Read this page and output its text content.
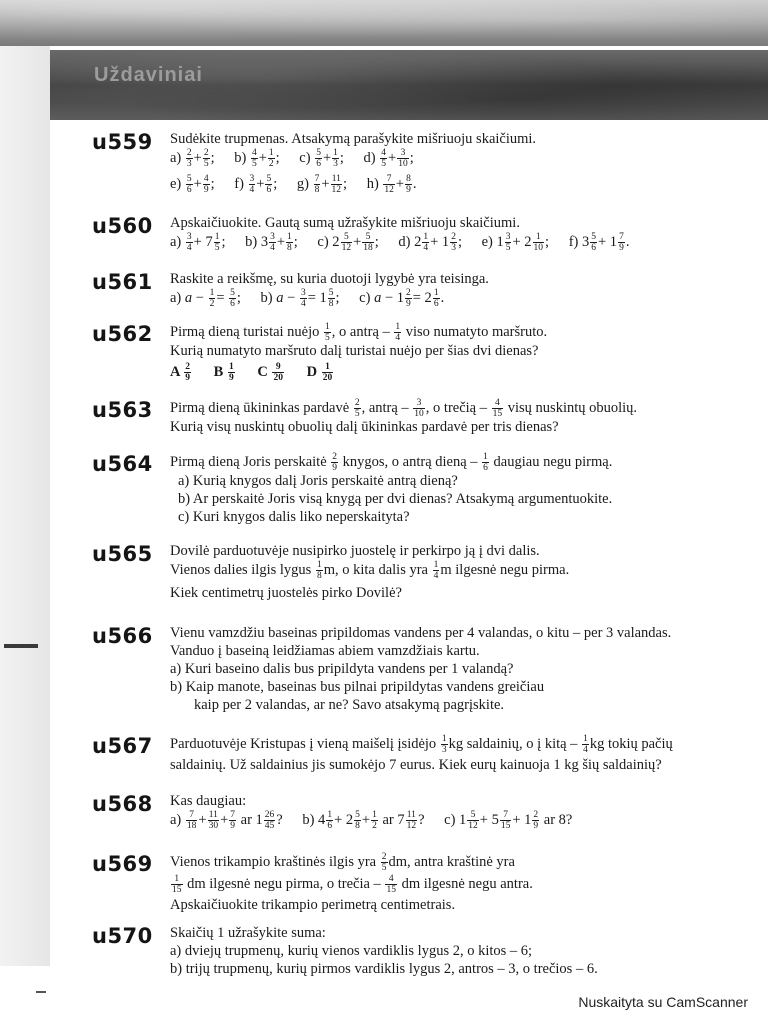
Uždaviniai
u559 Sudėkite trupmenas. Atsakymą parašykite mišriuoju skaičiumi.
$a) \frac{2}{3} + \frac{2}{5}$ ; $b) \frac{4}{5} + \frac{1}{2}$ ; $c) \frac{5}{6} + \frac{1}{3}$ ; $d) \frac{4}{5} + \frac{3}{10}$ ;
$e) \frac{5}{6} + \frac{4}{9}$ ; $f) \frac{3}{4} + \frac{5}{6}$ ; $g) \frac{7}{8} + \frac{11}{12}$ ; $h) \frac{7}{12} + \frac{8}{9}$ .
u560 Apskaičiuokite. Gautą sumą užrašykite mišriuoju skaičiumi.
$a) \frac{3}{4} + 7 \frac{1}{5}$ ; b) $3 \frac{3}{4} + \frac{1}{8}$ ; c) $2 \frac{5}{12} + \frac{5}{18}$ ; d) $2 \frac{1}{4} + 1 \frac{2}{3}$ ; e) $1 \frac{3}{5} + 2 \frac{1}{10}$ ; f) $3 \frac{5}{6} + 1 \frac{7}{9}$ .
u561 Raskite a reikšmę, su kuria duotoji lygybė yra teisinga.
a) $a - \frac{1}{2} = \frac{5}{6}$ ; b) $a - \frac{3}{4} = 1 \frac{5}{8}$ ; c) $a - 1 \frac{2}{9} = 2 \frac{1}{6}$ .
u562 Pirmą dieną turistai nuėjo $\frac{1}{5}$ , o antrą – $\frac{1}{4}$ viso numatyto maršruto.
Kurią numatyto maršruto dalį turistai nuėjo per šias dvi dienas?
A $\frac{2}{9}$ B $\frac{1}{9}$ C $\frac{9}{20}$ D $\frac{1}{20}$
u563 Pirmą dieną ūkininkas pardavė $\frac{2}{5}$ , antrą – $\frac{3}{10}$ , o trečią – $\frac{4}{15}$ visų nuskintų obuolių.
Kurią visų nuskintų obuolių dalį ūkininkas pardavė per tris dienas?
u564 Pirmą dieną Joris perskaitė $\frac{2}{9}$ knygos, o antrą dieną – $\frac{1}{6}$ daugiau negu pirmą.
a) Kurią knygos dalį Joris perskaitė antrą dieną?
b) Ar perskaitė Joris visą knygą per dvi dienas? Atsakymą argumentuokite.
c) Kuri knygos dalis liko neperskaityta?
u565 Dovilė parduotuvėje nusipirko juostelę ir perkirpo ją į dvi dalis.
Vienos dalies ilgis lygus $\frac{1}{8} m$, o kita dalis yra $\frac{1}{4}$ m ilgesnė negu pirma.
Kiek centimetrų juostelės pirko Dovilė?
u566 Vienu vamzdžiu baseinas pripildomas vandens per 4 valandas, o kitu – per 3 valandas.
Vanduo į baseiną leidžiamas abiem vamzdžiais kartu.
a) Kuri baseino dalis bus pripildyta vandens per 1 valandą?
b) Kaip manote, baseinas bus pilnai pripildytas vandens greičiau
kaip per 2 valandas, ar ne? Savo atsakymą pagrįskite.
u567 Parduotuvėje Kristupas į vieną maišelį įsidėjo $\frac{1}{3}$ kg saldainių, o į kitą – $\frac{1}{4}$ kg tokių pačių
saldainių. Už saldainius jis sumokėjo 7 eurus. Kiek eurų kainuoja 1 kg šių saldainių?
u568 Kas daugiau:
$a) \frac{7}{18} + \frac{11}{30} + \frac{7}{9}$ ar $1 \frac{26}{45}$ ? b) $4 \frac{1}{6} + 2 \frac{5}{8} + \frac{1}{2}$ ar $7 \frac{11}{12}$ ? c) $1 \frac{5}{12} + 5 \frac{7}{15} + 1 \frac{2}{9}$ ar 8?
u569 Vienos trikampio kraštinės ilgis yra $\frac{2}{5}$ dm, antra kraštinė yra
$\frac{1}{15}$ dm ilgesnė negu pirma, o trečia – $\frac{4}{15}$ dm ilgesnė negu antra.
Apskaičiuokite trikampio perimetrą centimetrais.
u570 Skaičių 1 užrašykite suma:
a) dviejų trupmenų, kurių vienos vardiklis lygus 2, o kitos – 6;
b) trijų trupmenų, kurių pirmos vardiklis lygus 2, antros – 3, o trečios – 6.
Nuskaityta su CamScanner
